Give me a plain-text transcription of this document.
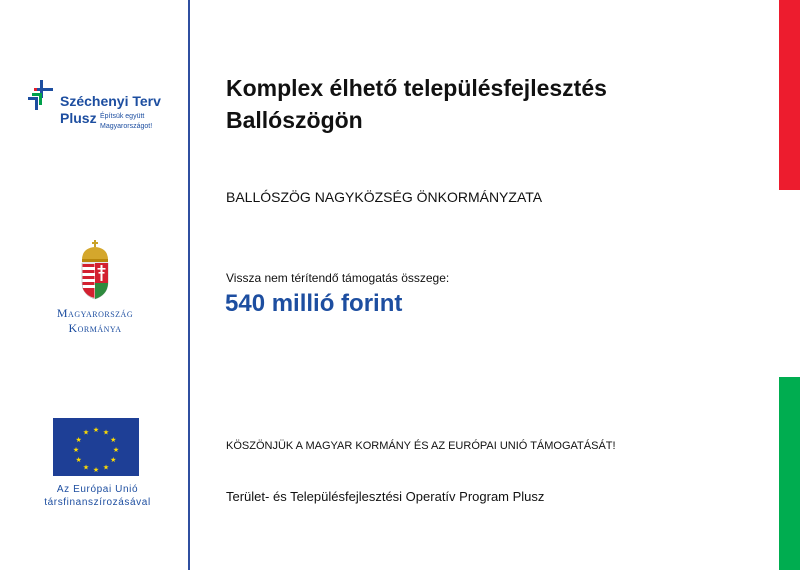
Széchenyi Terv
Plusz Építsük együtt
Magyarországot!
Magyarország
Kormánya
★ ★
★
★
★
★
★
★
★
★
★
★
Az Európai Unió
társfinanszírozásával
Komplex élhető településfejlesztés
Ballószögön
BALLÓSZÖG NAGYKÖZSÉG ÖNKORMÁNYZATA
Vissza nem térítendő támogatás összege:
540 millió forint
KÖSZÖNJÜK A MAGYAR KORMÁNY ÉS AZ EURÓPAI UNIÓ TÁMOGATÁSÁT!
Terület- és Településfejlesztési Operatív Program Plusz
